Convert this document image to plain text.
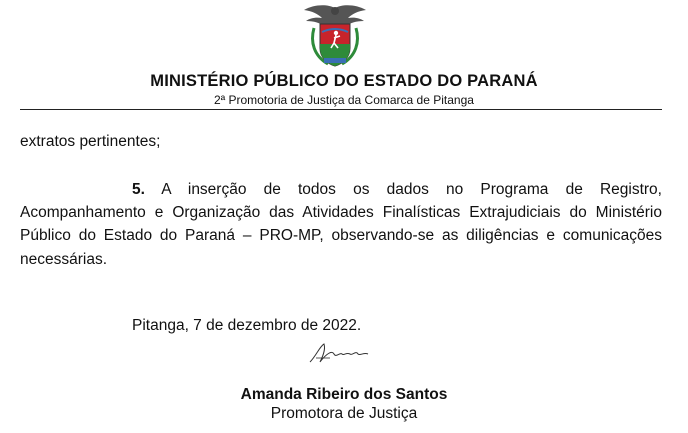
MINISTÉRIO PÚBLICO DO ESTADO DO PARANÁ
2ª Promotoria de Justiça da Comarca de Pitanga
extratos pertinentes;
5. A inserção de todos os dados no Programa de Registro, Acompanhamento e Organização das Atividades Finalísticas Extrajudiciais do Ministério Público do Estado do Paraná – PRO-MP, observando-se as diligências e comunicações necessárias.
Pitanga, 7 de dezembro de 2022.
Amanda Ribeiro dos Santos
Promotora de Justiça
